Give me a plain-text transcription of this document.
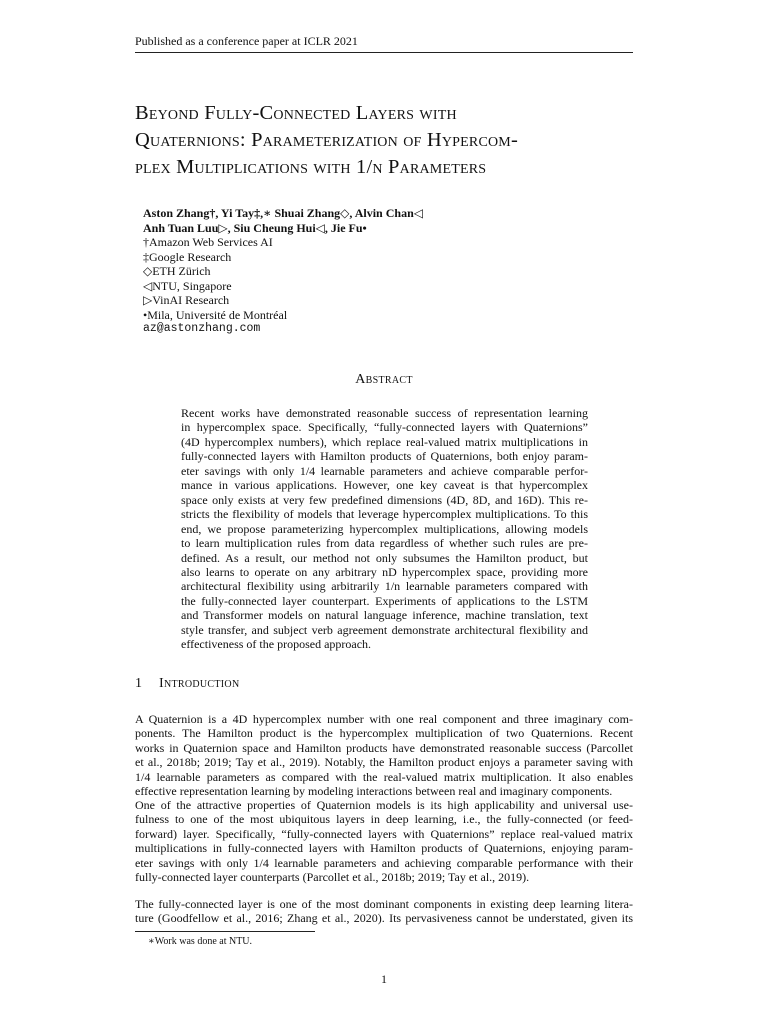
Published as a conference paper at ICLR 2021
Beyond Fully-Connected Layers with
Quaternions: Parameterization of Hypercom-
plex Multiplications with 1/n Parameters
Aston Zhang†, Yi Tay‡,∗ Shuai Zhang◇, Alvin Chan◁
Anh Tuan Luu▷, Siu Cheung Hui◁, Jie Fu•
†Amazon Web Services AI
‡Google Research
◇ETH Zürich
◁NTU, Singapore
▷VinAI Research
•Mila, Université de Montréal
az@astonzhang.com
Abstract
Recent works have demonstrated reasonable success of representation learning
in hypercomplex space. Specifically, “fully-connected layers with Quaternions”
(4D hypercomplex numbers), which replace real-valued matrix multiplications in
fully-connected layers with Hamilton products of Quaternions, both enjoy param-
eter savings with only 1/4 learnable parameters and achieve comparable perfor-
mance in various applications. However, one key caveat is that hypercomplex
space only exists at very few predefined dimensions (4D, 8D, and 16D). This re-
stricts the flexibility of models that leverage hypercomplex multiplications. To this
end, we propose parameterizing hypercomplex multiplications, allowing models
to learn multiplication rules from data regardless of whether such rules are pre-
defined. As a result, our method not only subsumes the Hamilton product, but
also learns to operate on any arbitrary nD hypercomplex space, providing more
architectural flexibility using arbitrarily 1/n learnable parameters compared with
the fully-connected layer counterpart. Experiments of applications to the LSTM
and Transformer models on natural language inference, machine translation, text
style transfer, and subject verb agreement demonstrate architectural flexibility and
effectiveness of the proposed approach.
1 Introduction
A Quaternion is a 4D hypercomplex number with one real component and three imaginary com-
ponents. The Hamilton product is the hypercomplex multiplication of two Quaternions. Recent
works in Quaternion space and Hamilton products have demonstrated reasonable success (Parcollet
et al., 2018b; 2019; Tay et al., 2019). Notably, the Hamilton product enjoys a parameter saving with
1/4 learnable parameters as compared with the real-valued matrix multiplication. It also enables
effective representation learning by modeling interactions between real and imaginary components.
One of the attractive properties of Quaternion models is its high applicability and universal use-
fulness to one of the most ubiquitous layers in deep learning, i.e., the fully-connected (or feed-
forward) layer. Specifically, “fully-connected layers with Quaternions” replace real-valued matrix
multiplications in fully-connected layers with Hamilton products of Quaternions, enjoying param-
eter savings with only 1/4 learnable parameters and achieving comparable performance with their
fully-connected layer counterparts (Parcollet et al., 2018b; 2019; Tay et al., 2019).
The fully-connected layer is one of the most dominant components in existing deep learning litera-
ture (Goodfellow et al., 2016; Zhang et al., 2020). Its pervasiveness cannot be understated, given its
∗Work was done at NTU.
1
